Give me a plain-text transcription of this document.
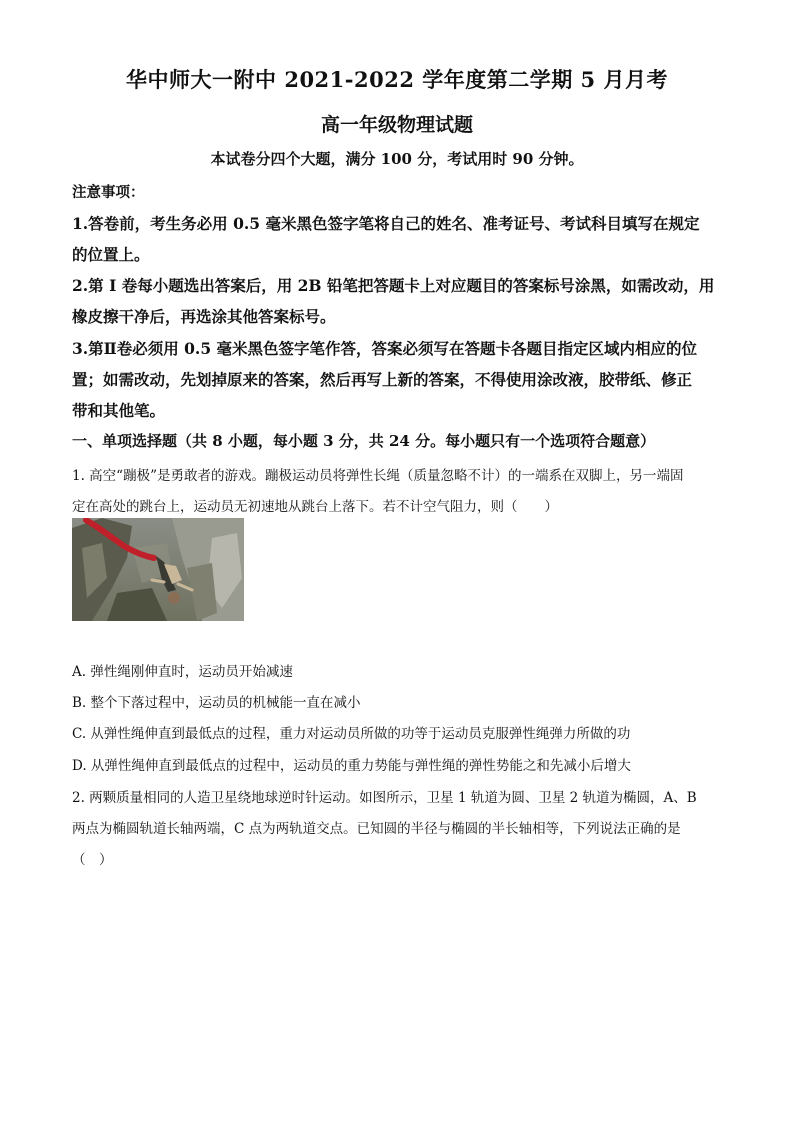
华中师大一附中 2021-2022 学年度第二学期 5 月月考
高一年级物理试题
本试卷分四个大题，满分 100 分，考试用时 90 分钟。
注意事项：
1.答卷前，考生务必用 0.5 毫米黑色签字笔将自己的姓名、准考证号、考试科目填写在规定
的位置上。
2.第 I 卷每小题选出答案后，用 2B 铅笔把答题卡上对应题目的答案标号涂黑，如需改动，用
橡皮擦干净后，再选涂其他答案标号。
3.第Ⅱ卷必须用 0.5 毫米黑色签字笔作答，答案必须写在答题卡各题目指定区域内相应的位
置；如需改动，先划掉原来的答案，然后再写上新的答案，不得使用涂改液，胶带纸、修正
带和其他笔。
一、单项选择题（共 8 小题，每小题 3 分，共 24 分。每小题只有一个选项符合题意）
1. 高空“蹦极”是勇敢者的游戏。蹦极运动员将弹性长绳（质量忽略不计）的一端系在双脚上，另一端固
定在高处的跳台上，运动员无初速地从跳台上落下。若不计空气阻力，则（　　）
A. 弹性绳刚伸直时，运动员开始减速
B. 整个下落过程中，运动员的机械能一直在减小
C. 从弹性绳伸直到最低点的过程，重力对运动员所做的功等于运动员克服弹性绳弹力所做的功
D. 从弹性绳伸直到最低点的过程中，运动员的重力势能与弹性绳的弹性势能之和先减小后增大
2. 两颗质量相同的人造卫星绕地球逆时针运动。如图所示，卫星 1 轨道为圆、卫星 2 轨道为椭圆，A、B
两点为椭圆轨道长轴两端，C 点为两轨道交点。已知圆的半径与椭圆的半长轴相等，下列说法正确的是
（　）
